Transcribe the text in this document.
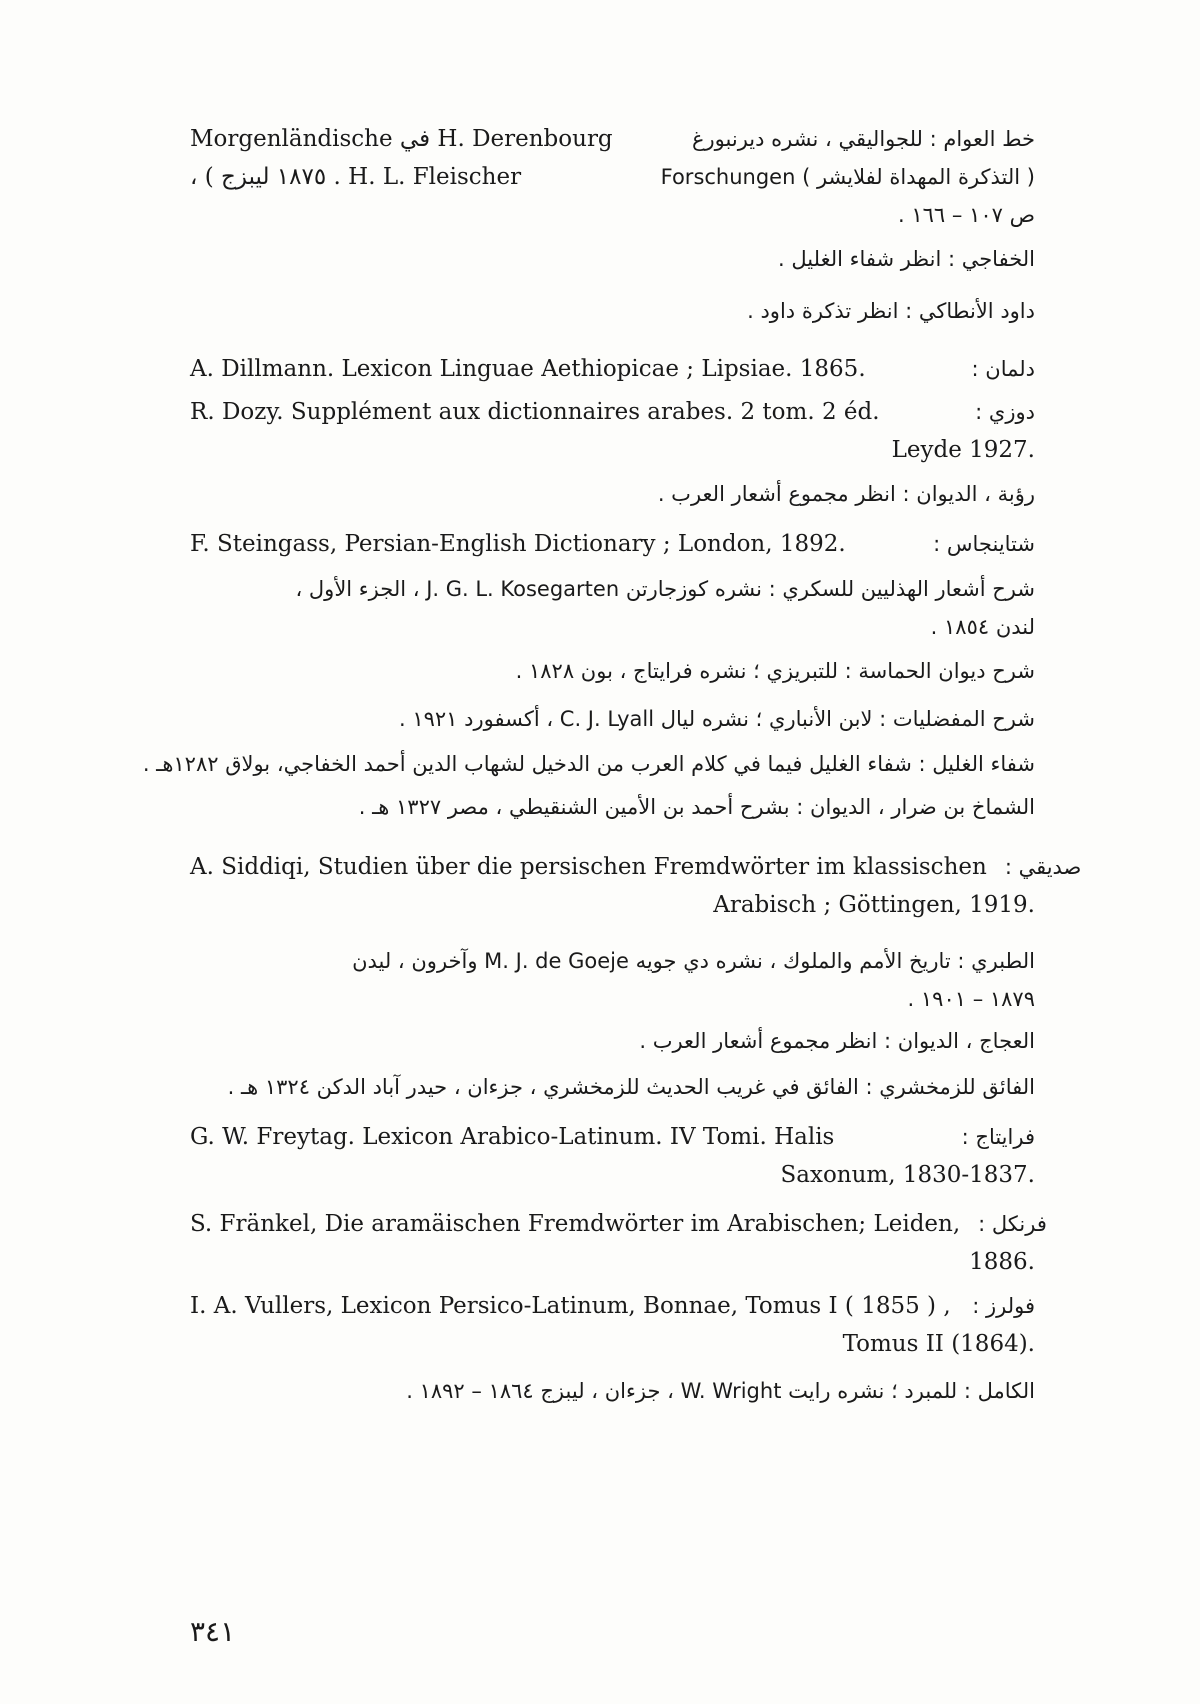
Morgenländische في H. Derenbourg	خط العوام : للجواليقي ، نشره ديرنبورغ
، ( ١٨٧٥ ليبزج . H. L. Fleischer	( التذكرة المهداة لفلايشر ) Forschungen
ص ١٠٧ – ١٦٦ .
الخفاجي : انظر شفاء الغليل .
داود الأنطاكي : انظر تذكرة داود .
A. Dillmann. Lexicon Linguae Aethiopicae ; Lipsiae. 1865.	دلمان :
R. Dozy. Supplément aux dictionnaires arabes. 2 tom. 2 éd.	دوزي :
Leyde 1927.
رؤبة ، الديوان : انظر مجموع أشعار العرب .
F. Steingass, Persian-English Dictionary ; London, 1892.	شتاينجاس :
شرح أشعار الهذليين للسكري : نشره كوزجارتن J. G. L. Kosegarten ، الجزء الأول ،
لندن ١٨٥٤ .
شرح ديوان الحماسة : للتبريزي ؛ نشره فرايتاج ، بون ١٨٢٨ .
شرح المفضليات : لابن الأنباري ؛ نشره ليال C. J. Lyall ، أكسفورد ١٩٢١ .
شفاء الغليل : شفاء الغليل فيما في كلام العرب من الدخيل لشهاب الدين أحمد الخفاجي، بولاق ١٢٨٢هـ .
الشماخ بن ضرار ، الديوان : بشرح أحمد بن الأمين الشنقيطي ، مصر ١٣٢٧ هـ .
A. Siddiqi, Studien über die persischen Fremdwörter im klassischen صديقي :
Arabisch ; Göttingen, 1919.
الطبري : تاريخ الأمم والملوك ، نشره دي جويه M. J. de Goeje وآخرون ، ليدن
١٨٧٩ – ١٩٠١ .
العجاج ، الديوان : انظر مجموع أشعار العرب .
الفائق للزمخشري : الفائق في غريب الحديث للزمخشري ، جزءان ، حيدر آباد الدكن ١٣٢٤ هـ .
G. W. Freytag. Lexicon Arabico-Latinum. IV Tomi. Halis	فرايتاج :
Saxonum, 1830-1837.
S. Fränkel, Die aramäischen Fremdwörter im Arabischen; Leiden, فرنكل :
1886.
I. A. Vullers, Lexicon Persico-Latinum, Bonnae, Tomus I ( 1855 ) ,	فولرز :
Tomus II (1864).
الكامل : للمبرد ؛ نشره رايت W. Wright ، جزءان ، ليبزج ١٨٦٤ – ١٨٩٢ .
٣٤١
